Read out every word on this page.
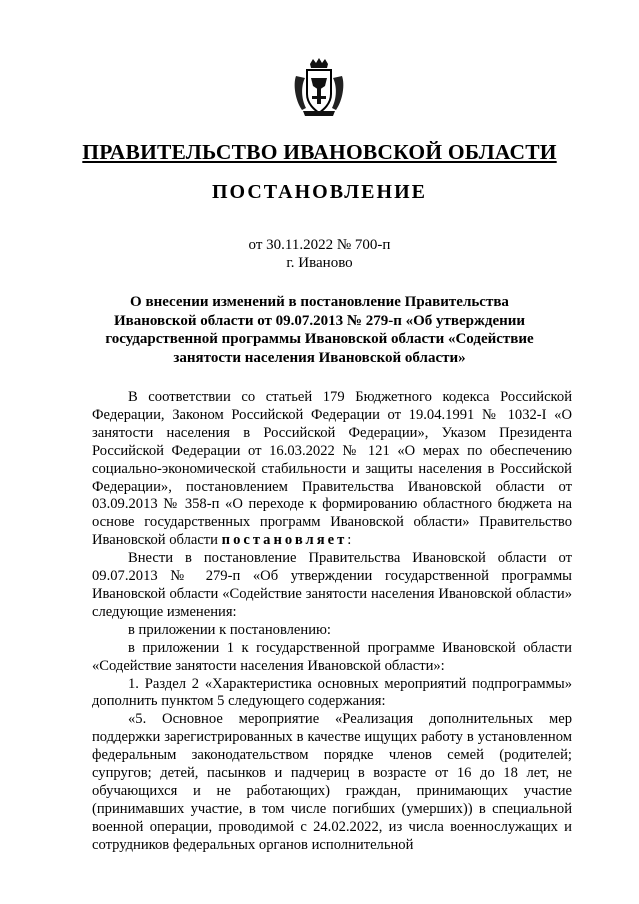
ПРАВИТЕЛЬСТВО ИВАНОВСКОЙ ОБЛАСТИ
ПОСТАНОВЛЕНИЕ
от 30.11.2022 № 700-п
г. Иваново
О внесении изменений в постановление Правительства Ивановской области от 09.07.2013 № 279-п «Об утверждении государственной программы Ивановской области «Содействие занятости населения Ивановской области»

В соответствии со статьей 179 Бюджетного кодекса Российской Федерации, Законом Российской Федерации от 19.04.1991 № 1032-I «О занятости населения в Российской Федерации», Указом Президента Российской Федерации от 16.03.2022 № 121 «О мерах по обеспечению социально-экономической стабильности и защиты населения в Российской Федерации», постановлением Правительства Ивановской области от 03.09.2013 № 358-п «О переходе к формированию областного бюджета на основе государственных программ Ивановской области» Правительство Ивановской области постановляет:

Внести в постановление Правительства Ивановской области от 09.07.2013 № 279-п «Об утверждении государственной программы Ивановской области «Содействие занятости населения Ивановской области» следующие изменения:

в приложении к постановлению:

в приложении 1 к государственной программе Ивановской области «Содействие занятости населения Ивановской области»:

1. Раздел 2 «Характеристика основных мероприятий подпрограммы» дополнить пунктом 5 следующего содержания:

«5. Основное мероприятие «Реализация дополнительных мер поддержки зарегистрированных в качестве ищущих работу в установленном федеральным законодательством порядке членов семей (родителей; супругов; детей, пасынков и падчериц в возрасте от 16 до 18 лет, не обучающихся и не работающих) граждан, принимающих участие (принимавших участие, в том числе погибших (умерших)) в специальной военной операции, проводимой с 24.02.2022, из числа военнослужащих и сотрудников федеральных органов исполнительной
